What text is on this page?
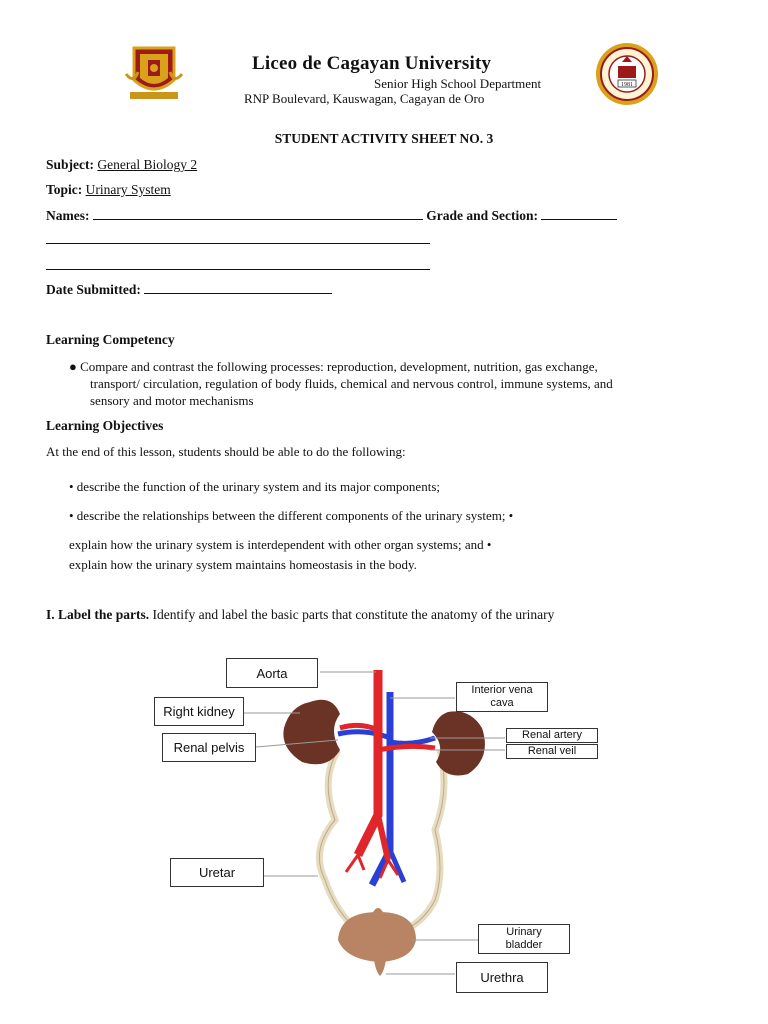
1981
Liceo de Cagayan University
Senior High School Department
RNP Boulevard, Kauswagan, Cagayan de Oro
STUDENT ACTIVITY SHEET NO. 3
Subject: General Biology 2
Topic: Urinary System
Names:	Grade and Section:
Date Submitted:
Learning Competency
● Compare and contrast the following processes: reproduction, development, nutrition, gas exchange,
transport/ circulation, regulation of body fluids, chemical and nervous control, immune systems, and
sensory and motor mechanisms
Learning Objectives
At the end of this lesson, students should be able to do the following:
• describe the function of the urinary system and its major components;
• describe the relationships between the different components of the urinary system; •
explain how the urinary system is interdependent with other organ systems; and •
explain how the urinary system maintains homeostasis in the body.
I. Label the parts. Identify and label the basic parts that constitute the anatomy of the urinary
Aorta
Right kidney
Renal pelvis
Interior vena
cava
Renal artery
Renal veil
Uretar
Urinary
bladder
Urethra
